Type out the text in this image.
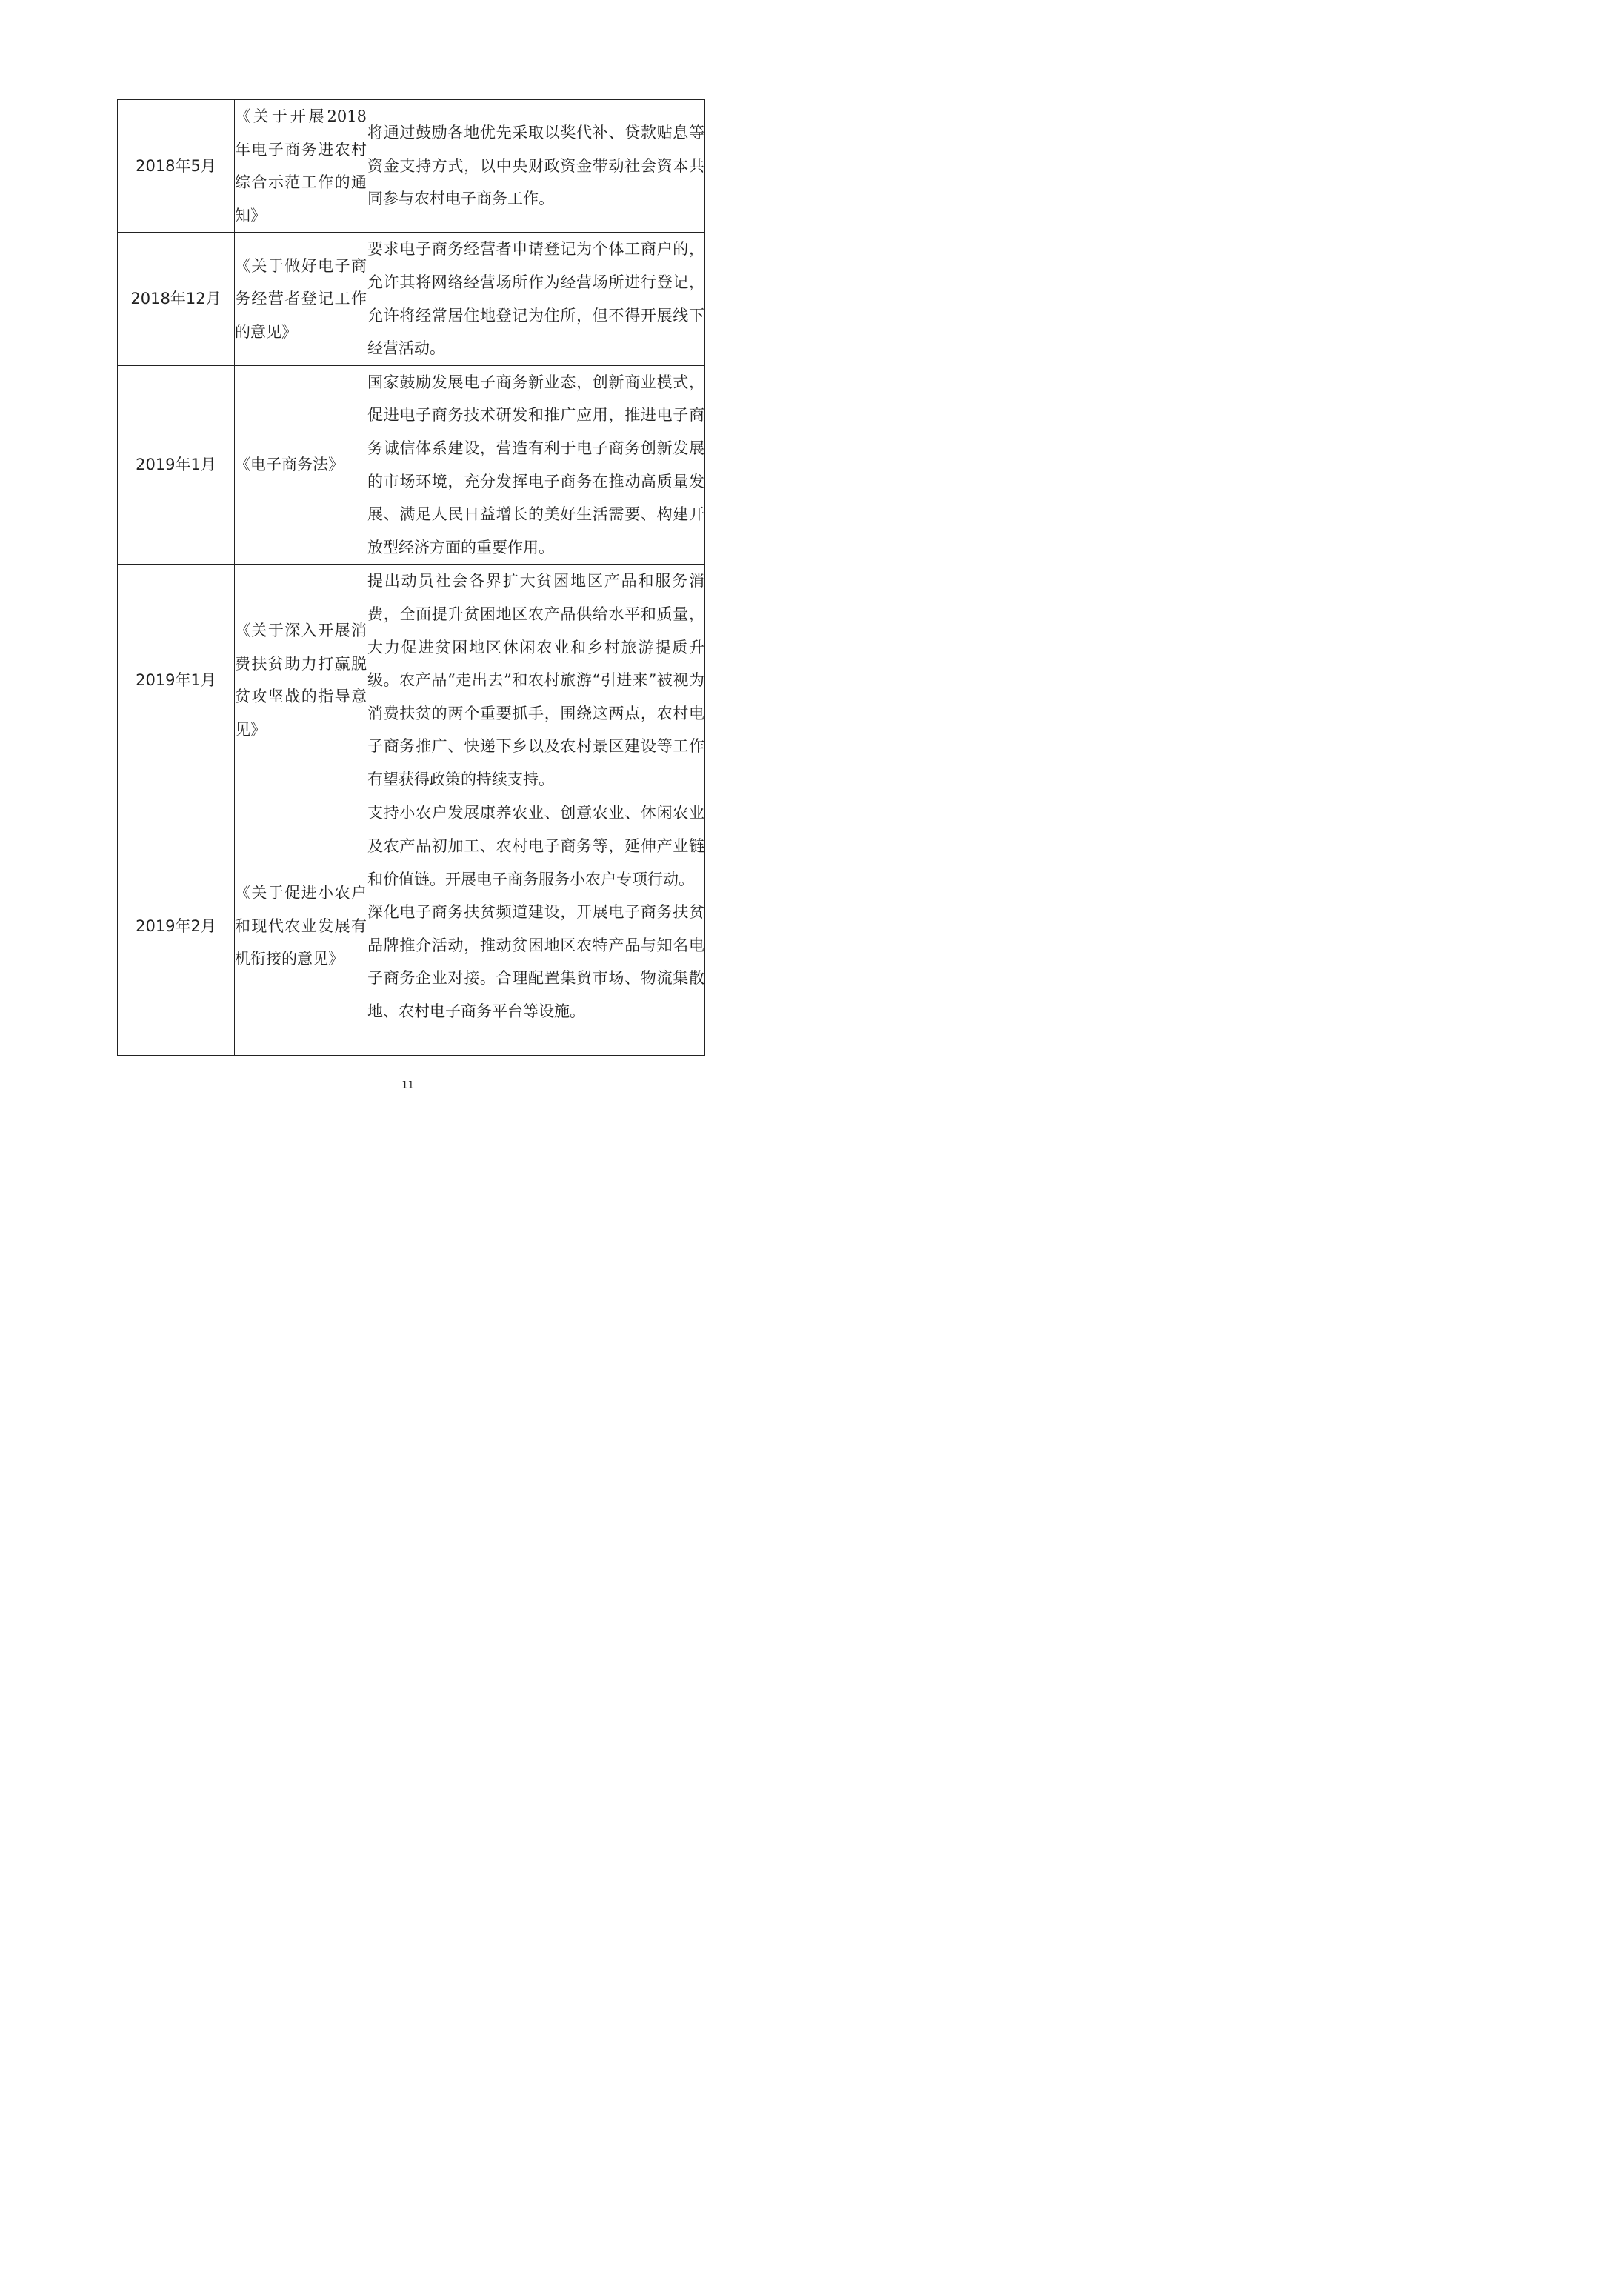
2018年5月	《关于开展2018年电子商务进农村综合示范工作的通知》	将通过鼓励各地优先采取以奖代补、贷款贴息等资金支持方式，以中央财政资金带动社会资本共同参与农村电子商务工作。

2018年12月	《关于做好电子商务经营者登记工作的意见》	要求电子商务经营者申请登记为个体工商户的，允许其将网络经营场所作为经营场所进行登记，允许将经常居住地登记为住所，但不得开展线下经营活动。

2019年1月	《电子商务法》	国家鼓励发展电子商务新业态，创新商业模式，促进电子商务技术研发和推广应用，推进电子商务诚信体系建设，营造有利于电子商务创新发展的市场环境，充分发挥电子商务在推动高质量发展、满足人民日益增长的美好生活需要、构建开放型经济方面的重要作用。

2019年1月	《关于深入开展消费扶贫助力打赢脱贫攻坚战的指导意见》	提出动员社会各界扩大贫困地区产品和服务消费，全面提升贫困地区农产品供给水平和质量，大力促进贫困地区休闲农业和乡村旅游提质升级。农产品“走出去”和农村旅游“引进来”被视为消费扶贫的两个重要抓手，围绕这两点，农村电子商务推广、快递下乡以及农村景区建设等工作有望获得政策的持续支持。

2019年2月	《关于促进小农户和现代农业发展有机衔接的意见》	支持小农户发展康养农业、创意农业、休闲农业及农产品初加工、农村电子商务等，延伸产业链和价值链。开展电子商务服务小农户专项行动。
深化电子商务扶贫频道建设，开展电子商务扶贫品牌推介活动，推动贫困地区农特产品与知名电子商务企业对接。合理配置集贸市场、物流集散地、农村电子商务平台等设施。
11
